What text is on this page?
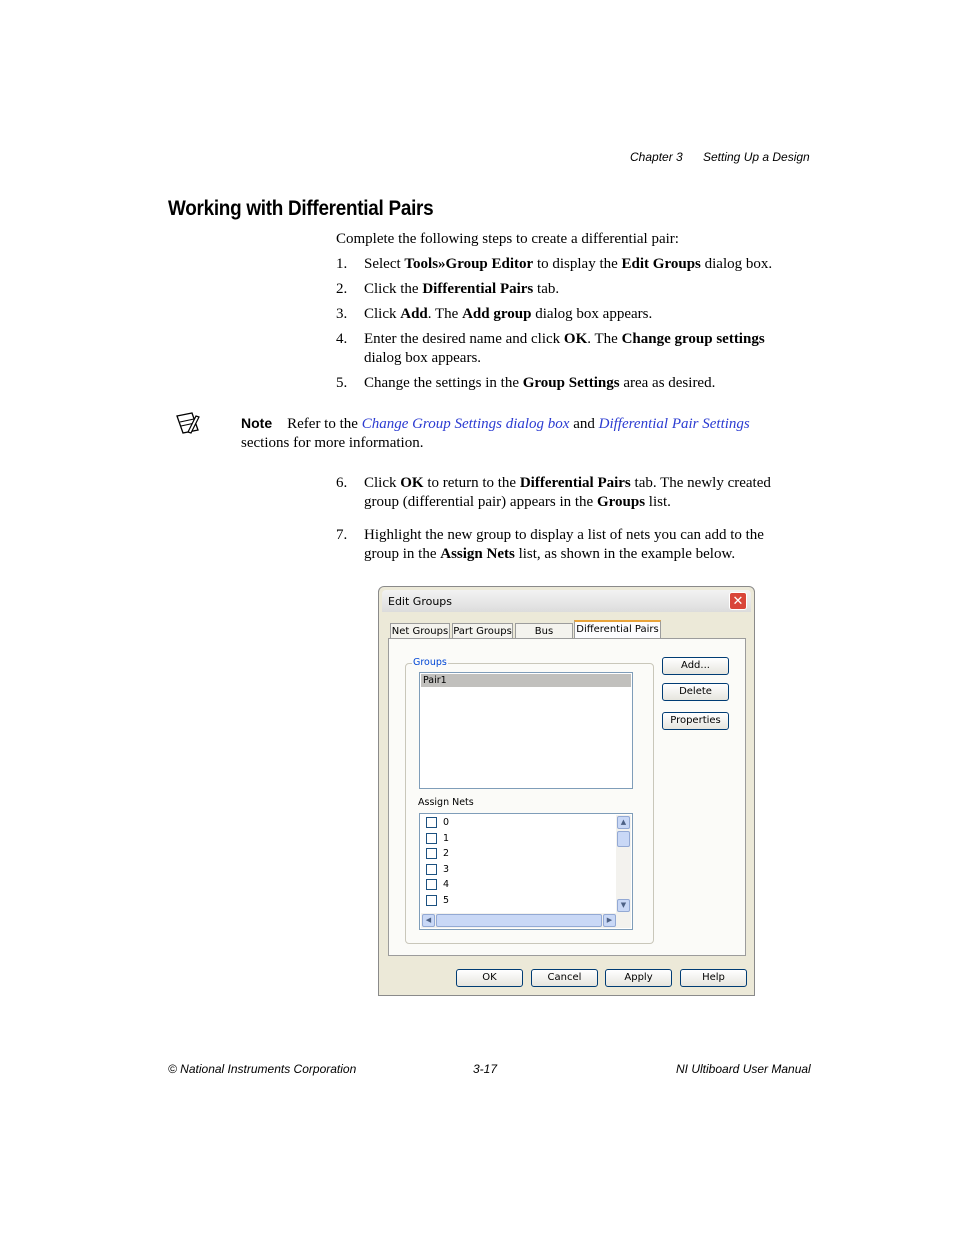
Chapter 3 Setting Up a Design
Working with Differential Pairs
Complete the following steps to create a differential pair:
1. Select Tools»Group Editor to display the Edit Groups dialog box.
2. Click the Differential Pairs tab.
3. Click Add. The Add group dialog box appears.
4. Enter the desired name and click OK. The Change group settings dialog box appears.
5. Change the settings in the Group Settings area as desired.
Note Refer to the Change Group Settings dialog box and Differential Pair Settings
sections for more information.
6. Click OK to return to the Differential Pairs tab. The newly created group (differential pair) appears in the Groups list.
7. Highlight the new group to display a list of nets you can add to the group in the Assign Nets list, as shown in the example below.
Edit Groups	✕
Net Groups Part Groups	Bus	Differential Pairs
Groups
Pair1
Assign Nets
0
1
2
3
4
5
▲
▼
◀	▶
Add...
Delete
Properties
OK	Cancel	Apply	Help
© National Instruments Corporation	3-17	NI Ultiboard User Manual
